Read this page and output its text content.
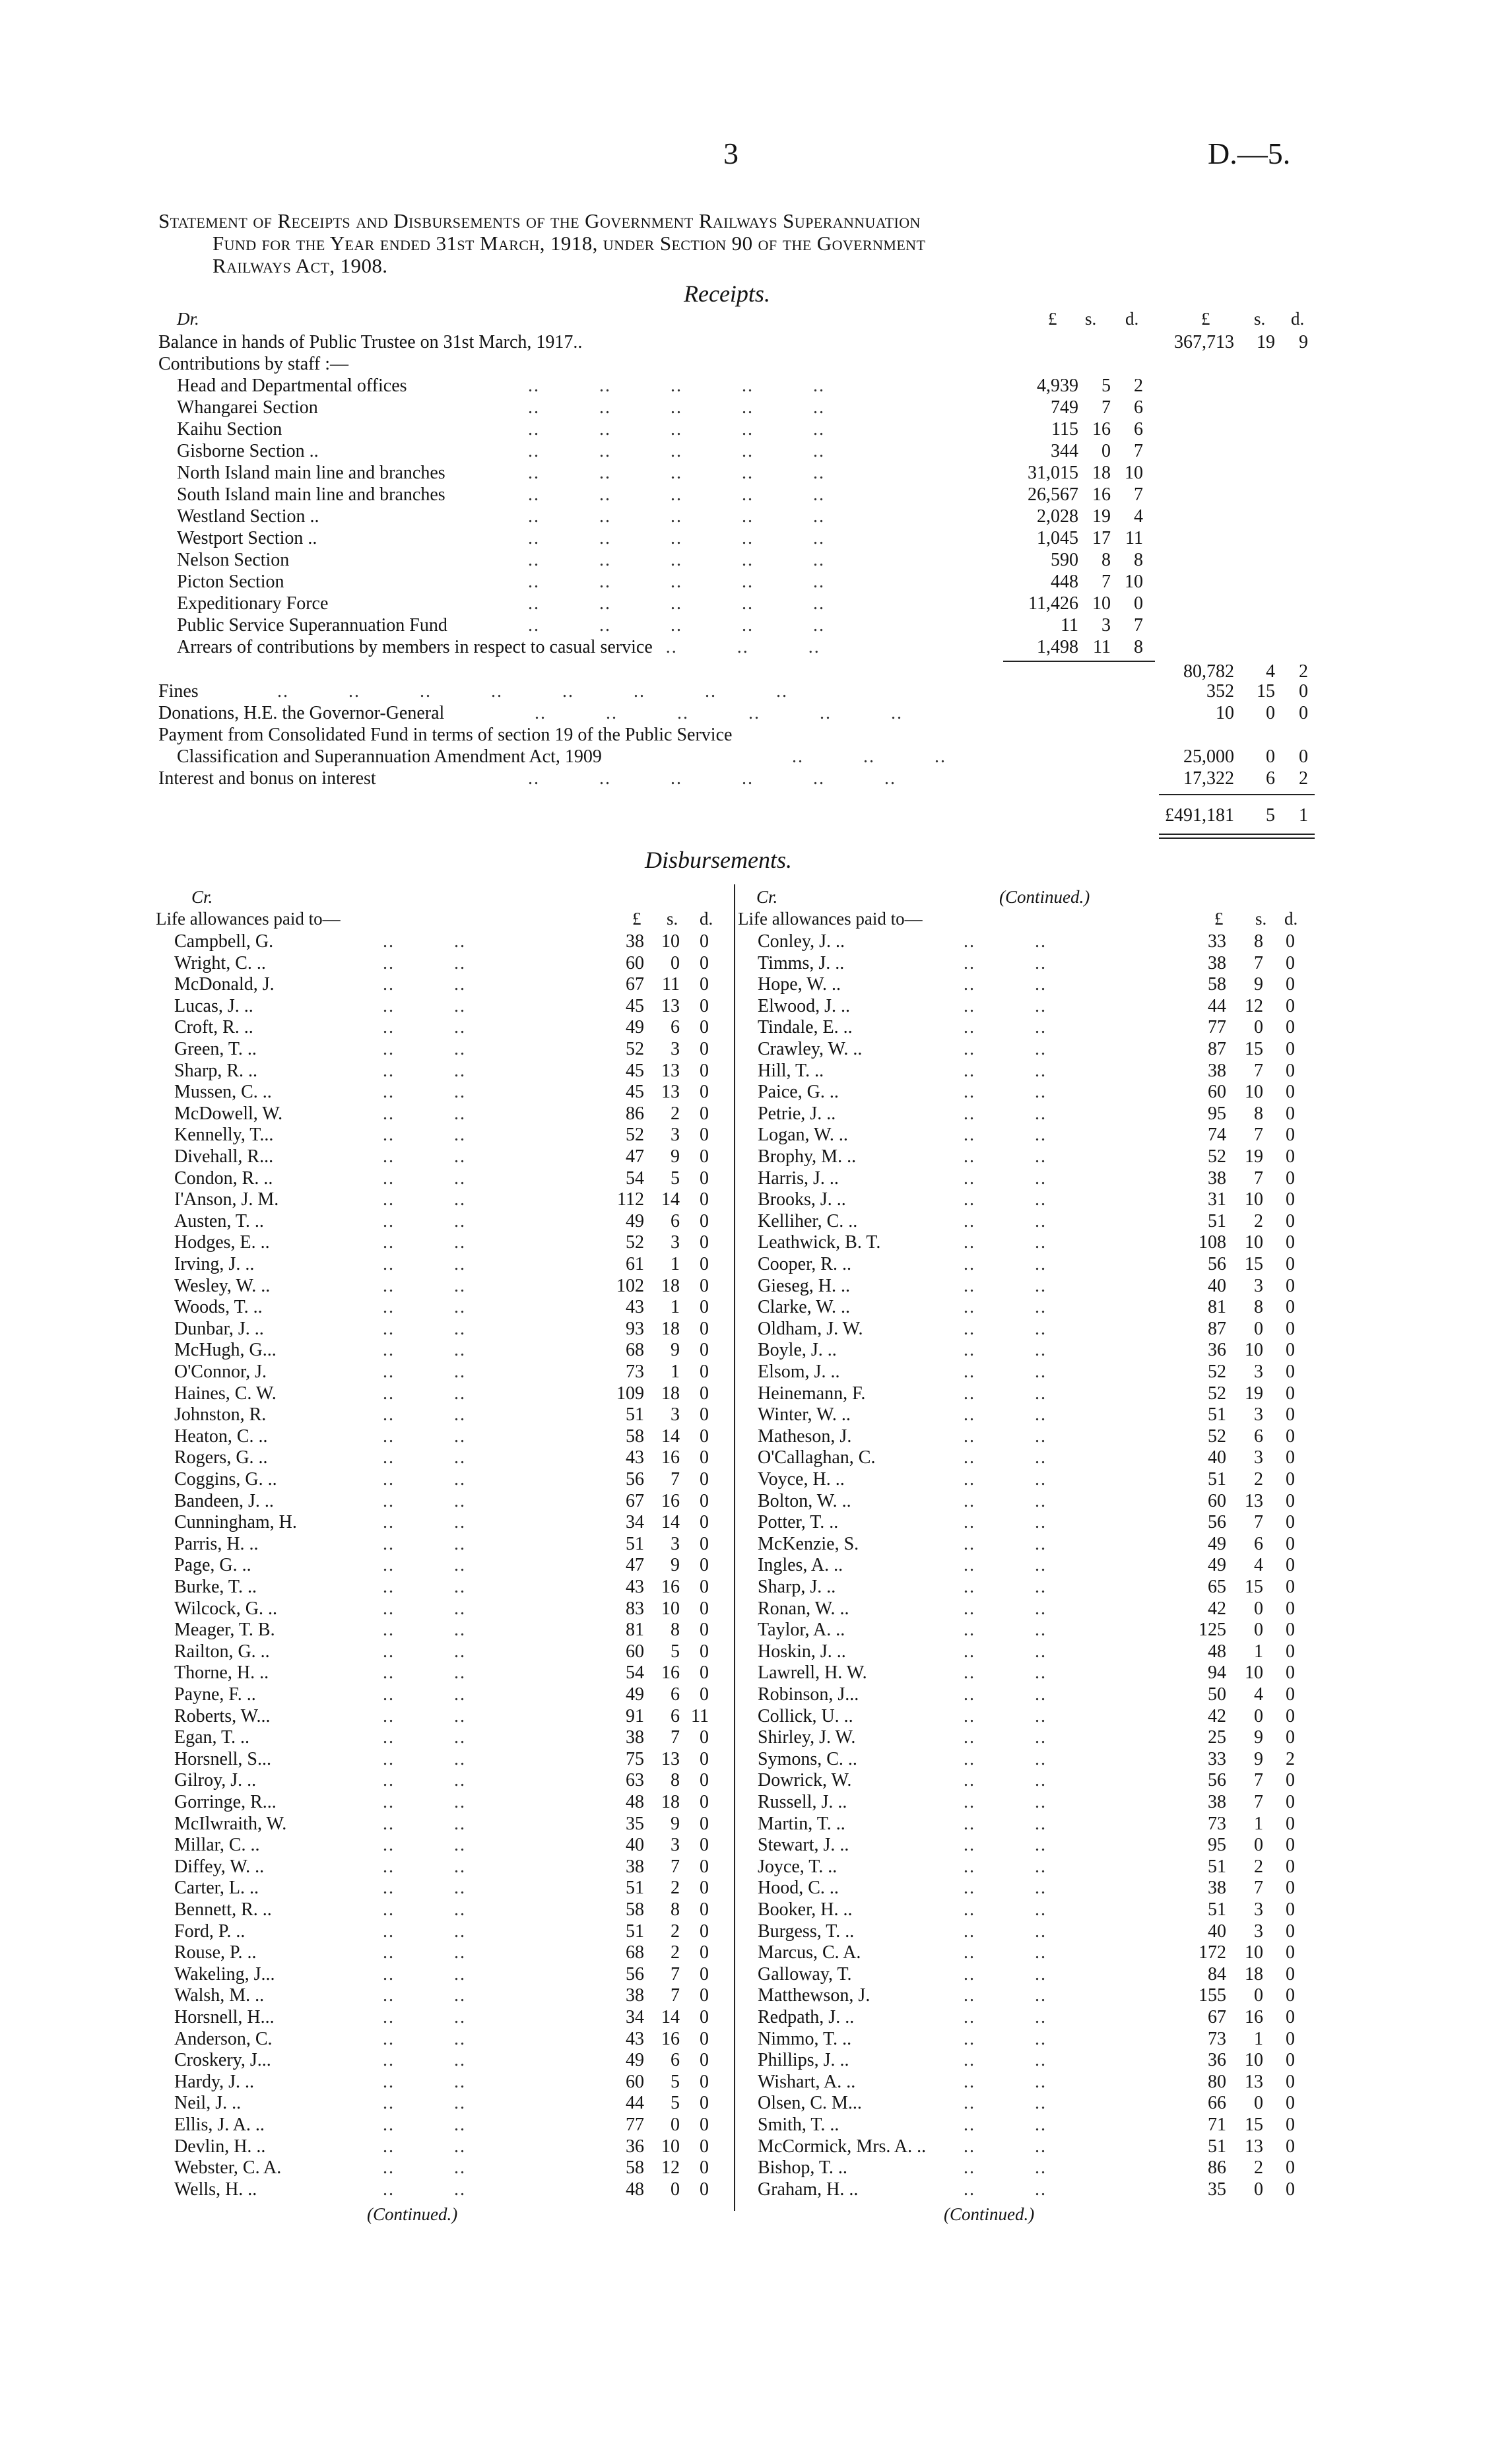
3	D.—5.
Statement of Receipts and Disbursements of the Government Railways Superannuation
Fund for the Year ended 31st March, 1918, under Section 90 of the Government
Railways Act, 1908.
Receipts.
Dr.	£ s. d.	£ s. d.
Disbursements.
Cr.	Cr.	(Continued.)
Life allowances paid to—	Life allowances paid to—
£ s. d.	£ s. d.
(Continued.)	(Continued.)
Balance in hands of Public Trustee on 31st March, 1917..	367,713 19 9
Contributions by staff :—
Head and Departmental offices	..   ..   ..   ..   ..   	4,939 5 2
Whangarei Section	..   ..   ..   ..   ..   	749 7 6
Kaihu Section	..   ..   ..   ..   ..   	115 16 6
Gisborne Section ..	..   ..   ..   ..   ..   	344 0 7
North Island main line and branches	..   ..   ..   ..   ..   	31,015 18 10
South Island main line and branches	..   ..   ..   ..   ..   	26,567 16 7
Westland Section ..	..   ..   ..   ..   ..   	2,028 19 4
Westport Section ..	..   ..   ..   ..   ..   	1,045 17 11
Nelson Section	..   ..   ..   ..   ..   	590 8 8
Picton Section	..   ..   ..   ..   ..   	448 7 10
Expeditionary Force	..   ..   ..   ..   ..   	11,426 10 0
Public Service Superannuation Fund	..   ..   ..   ..   ..   	11 3 7
Arrears of contributions by members in respect to casual service ..   ..   ..   	1,498 11 8
80,782 4 2
Fines	..   ..   ..   ..   ..   ..   ..   ..   	352 15 0
Donations, H.E. the Governor-General	..   ..   ..   ..   ..   ..   	10 0 0
Payment from Consolidated Fund in terms of section 19 of the Public Service
Classification and Superannuation Amendment Act, 1909	..   ..   ..   	25,000 0 0
Interest and bonus on interest	..   ..   ..   ..   ..   ..   	17,322 6 2
£491,181 5 1
Campbell, G.	..   ..   	38 10 0
Wright, C. ..	..   ..   	60 0 0
McDonald, J.	..   ..   	67 11 0
Lucas, J. ..	..   ..   	45 13 0
Croft, R. ..	..   ..   	49 6 0
Green, T. ..	..   ..   	52 3 0
Sharp, R. ..	..   ..   	45 13 0
Mussen, C. ..	..   ..   	45 13 0
McDowell, W.	..   ..   	86 2 0
Kennelly, T...	..   ..   	52 3 0
Divehall, R...	..   ..   	47 9 0
Condon, R. ..	..   ..   	54 5 0
I'Anson, J. M.	..   ..   	112 14 0
Austen, T. ..	..   ..   	49 6 0
Hodges, E. ..	..   ..   	52 3 0
Irving, J. ..	..   ..   	61 1 0
Wesley, W. ..	..   ..   	102 18 0
Woods, T. ..	..   ..   	43 1 0
Dunbar, J. ..	..   ..   	93 18 0
McHugh, G...	..   ..   	68 9 0
O'Connor, J.	..   ..   	73 1 0
Haines, C. W.	..   ..   	109 18 0
Johnston, R.	..   ..   	51 3 0
Heaton, C. ..	..   ..   	58 14 0
Rogers, G. ..	..   ..   	43 16 0
Coggins, G. ..	..   ..   	56 7 0
Bandeen, J. ..	..   ..   	67 16 0
Cunningham, H.	..   ..   	34 14 0
Parris, H. ..	..   ..   	51 3 0
Page, G. ..	..   ..   	47 9 0
Burke, T. ..	..   ..   	43 16 0
Wilcock, G. ..	..   ..   	83 10 0
Meager, T. B.	..   ..   	81 8 0
Railton, G. ..	..   ..   	60 5 0
Thorne, H. ..	..   ..   	54 16 0
Payne, F. ..	..   ..   	49 6 0
Roberts, W...	..   ..   	91 6 11
Egan, T. ..	..   ..   	38 7 0
Horsnell, S...	..   ..   	75 13 0
Gilroy, J. ..	..   ..   	63 8 0
Gorringe, R...	..   ..   	48 18 0
McIlwraith, W.	..   ..   	35 9 0
Millar, C. ..	..   ..   	40 3 0
Diffey, W. ..	..   ..   	38 7 0
Carter, L. ..	..   ..   	51 2 0
Bennett, R. ..	..   ..   	58 8 0
Ford, P. ..	..   ..   	51 2 0
Rouse, P. ..	..   ..   	68 2 0
Wakeling, J...	..   ..   	56 7 0
Walsh, M. ..	..   ..   	38 7 0
Horsnell, H...	..   ..   	34 14 0
Anderson, C.	..   ..   	43 16 0
Croskery, J...	..   ..   	49 6 0
Hardy, J. ..	..   ..   	60 5 0
Neil, J. ..	..   ..   	44 5 0
Ellis, J. A. ..	..   ..   	77 0 0
Devlin, H. ..	..   ..   	36 10 0
Webster, C. A.	..   ..   	58 12 0
Wells, H. ..	..   ..   	48 0 0
Conley, J. ..	..   ..   	33 8 0
Timms, J. ..	..   ..   	38 7 0
Hope, W. ..	..   ..   	58 9 0
Elwood, J. ..	..   ..   	44 12 0
Tindale, E. ..	..   ..   	77 0 0
Crawley, W. ..	..   ..   	87 15 0
Hill, T. ..	..   ..   	38 7 0
Paice, G. ..	..   ..   	60 10 0
Petrie, J. ..	..   ..   	95 8 0
Logan, W. ..	..   ..   	74 7 0
Brophy, M. ..	..   ..   	52 19 0
Harris, J. ..	..   ..   	38 7 0
Brooks, J. ..	..   ..   	31 10 0
Kelliher, C. ..	..   ..   	51 2 0
Leathwick, B. T.	..   ..   	108 10 0
Cooper, R. ..	..   ..   	56 15 0
Gieseg, H. ..	..   ..   	40 3 0
Clarke, W. ..	..   ..   	81 8 0
Oldham, J. W.	..   ..   	87 0 0
Boyle, J. ..	..   ..   	36 10 0
Elsom, J. ..	..   ..   	52 3 0
Heinemann, F.	..   ..   	52 19 0
Winter, W. ..	..   ..   	51 3 0
Matheson, J.	..   ..   	52 6 0
O'Callaghan, C.	..   ..   	40 3 0
Voyce, H. ..	..   ..   	51 2 0
Bolton, W. ..	..   ..   	60 13 0
Potter, T. ..	..   ..   	56 7 0
McKenzie, S.	..   ..   	49 6 0
Ingles, A. ..	..   ..   	49 4 0
Sharp, J. ..	..   ..   	65 15 0
Ronan, W. ..	..   ..   	42 0 0
Taylor, A. ..	..   ..   	125 0 0
Hoskin, J. ..	..   ..   	48 1 0
Lawrell, H. W.	..   ..   	94 10 0
Robinson, J...	..   ..   	50 4 0
Collick, U. ..	..   ..   	42 0 0
Shirley, J. W.	..   ..   	25 9 0
Symons, C. ..	..   ..   	33 9 2
Dowrick, W.	..   ..   	56 7 0
Russell, J. ..	..   ..   	38 7 0
Martin, T. ..	..   ..   	73 1 0
Stewart, J. ..	..   ..   	95 0 0
Joyce, T. ..	..   ..   	51 2 0
Hood, C. ..	..   ..   	38 7 0
Booker, H. ..	..   ..   	51 3 0
Burgess, T. ..	..   ..   	40 3 0
Marcus, C. A.	..   ..   	172 10 0
Galloway, T.	..   ..   	84 18 0
Matthewson, J.	..   ..   	155 0 0
Redpath, J. ..	..   ..   	67 16 0
Nimmo, T. ..	..   ..   	73 1 0
Phillips, J. ..	..   ..   	36 10 0
Wishart, A. ..	..   ..   	80 13 0
Olsen, C. M...	..   ..   	66 0 0
Smith, T. ..	..   ..   	71 15 0
McCormick, Mrs. A. .. ..   ..   	51 13 0
Bishop, T. ..	..   ..   	86 2 0
Graham, H. ..	..   ..   	35 0 0
